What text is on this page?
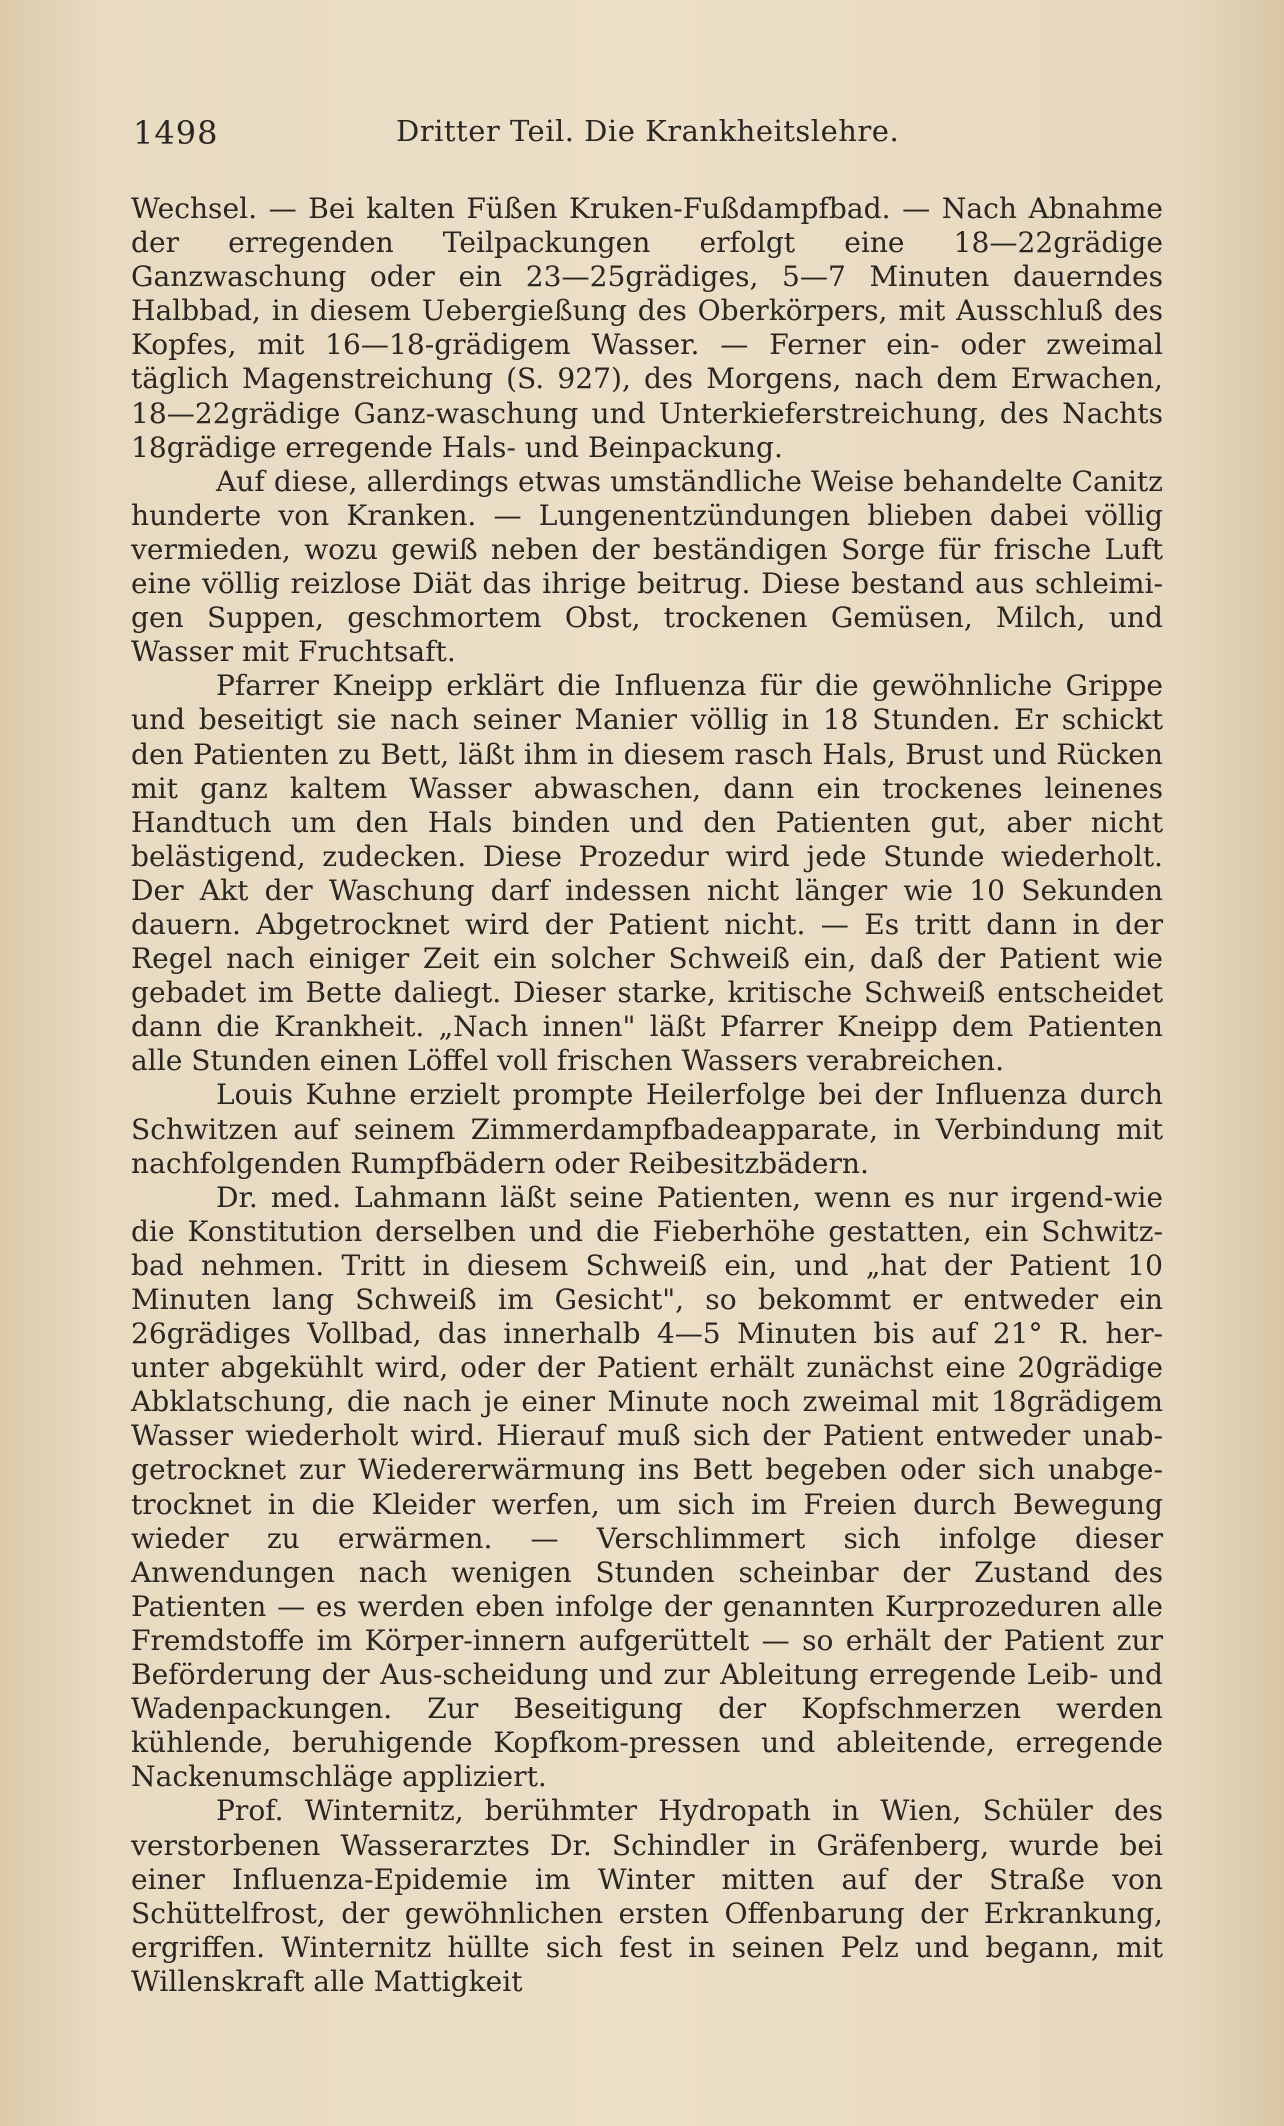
1498	Dritter Teil. Die Krankheitslehre.

Wechsel. — Bei kalten Füßen Kruken-Fußdampfbad. — Nach Abnahme der erregenden Teilpackungen erfolgt eine 18—22grädige Ganzwaschung oder ein 23—25grädiges, 5—7 Minuten dauerndes Halbbad, in diesem Uebergießung des Oberkörpers, mit Ausschluß des Kopfes, mit 16—18-grädigem Wasser. — Ferner ein- oder zweimal täglich Magenstreichung (S. 927), des Morgens, nach dem Erwachen, 18—22grädige Ganz-waschung und Unterkieferstreichung, des Nachts 18grädige erregende Hals- und Beinpackung.

Auf diese, allerdings etwas umständliche Weise behandelte Canitz hunderte von Kranken. — Lungenentzündungen blieben dabei völlig vermieden, wozu gewiß neben der beständigen Sorge für frische Luft eine völlig reizlose Diät das ihrige beitrug. Diese bestand aus schleimi-gen Suppen, geschmortem Obst, trockenen Gemüsen, Milch, und Wasser mit Fruchtsaft.

Pfarrer Kneipp erklärt die Influenza für die gewöhnliche Grippe und beseitigt sie nach seiner Manier völlig in 18 Stunden. Er schickt den Patienten zu Bett, läßt ihm in diesem rasch Hals, Brust und Rücken mit ganz kaltem Wasser abwaschen, dann ein trockenes leinenes Handtuch um den Hals binden und den Patienten gut, aber nicht belästigend, zudecken. Diese Prozedur wird jede Stunde wiederholt. Der Akt der Waschung darf indessen nicht länger wie 10 Sekunden dauern. Abgetrocknet wird der Patient nicht. — Es tritt dann in der Regel nach einiger Zeit ein solcher Schweiß ein, daß der Patient wie gebadet im Bette daliegt. Dieser starke, kritische Schweiß entscheidet dann die Krankheit. „Nach innen" läßt Pfarrer Kneipp dem Patienten alle Stunden einen Löffel voll frischen Wassers verabreichen.

Louis Kuhne erzielt prompte Heilerfolge bei der Influenza durch Schwitzen auf seinem Zimmerdampfbadeapparate, in Verbindung mit nachfolgenden Rumpfbädern oder Reibesitzbädern.

Dr. med. Lahmann läßt seine Patienten, wenn es nur irgend-wie die Konstitution derselben und die Fieberhöhe gestatten, ein Schwitz-bad nehmen. Tritt in diesem Schweiß ein, und „hat der Patient 10 Minuten lang Schweiß im Gesicht", so bekommt er entweder ein 26grädiges Vollbad, das innerhalb 4—5 Minuten bis auf 21° R. her-unter abgekühlt wird, oder der Patient erhält zunächst eine 20grädige Abklatschung, die nach je einer Minute noch zweimal mit 18grädigem Wasser wiederholt wird. Hierauf muß sich der Patient entweder unab-getrocknet zur Wiedererwärmung ins Bett begeben oder sich unabge-trocknet in die Kleider werfen, um sich im Freien durch Bewegung wieder zu erwärmen. — Verschlimmert sich infolge dieser Anwendungen nach wenigen Stunden scheinbar der Zustand des Patienten — es werden eben infolge der genannten Kurprozeduren alle Fremdstoffe im Körper-innern aufgerüttelt — so erhält der Patient zur Beförderung der Aus-scheidung und zur Ableitung erregende Leib- und Wadenpackungen. Zur Beseitigung der Kopfschmerzen werden kühlende, beruhigende Kopfkom-pressen und ableitende, erregende Nackenumschläge appliziert.

Prof. Winternitz, berühmter Hydropath in Wien, Schüler des verstorbenen Wasserarztes Dr. Schindler in Gräfenberg, wurde bei einer Influenza-Epidemie im Winter mitten auf der Straße von Schüttelfrost, der gewöhnlichen ersten Offenbarung der Erkrankung, ergriffen. Winternitz hüllte sich fest in seinen Pelz und begann, mit Willenskraft alle Mattigkeit
